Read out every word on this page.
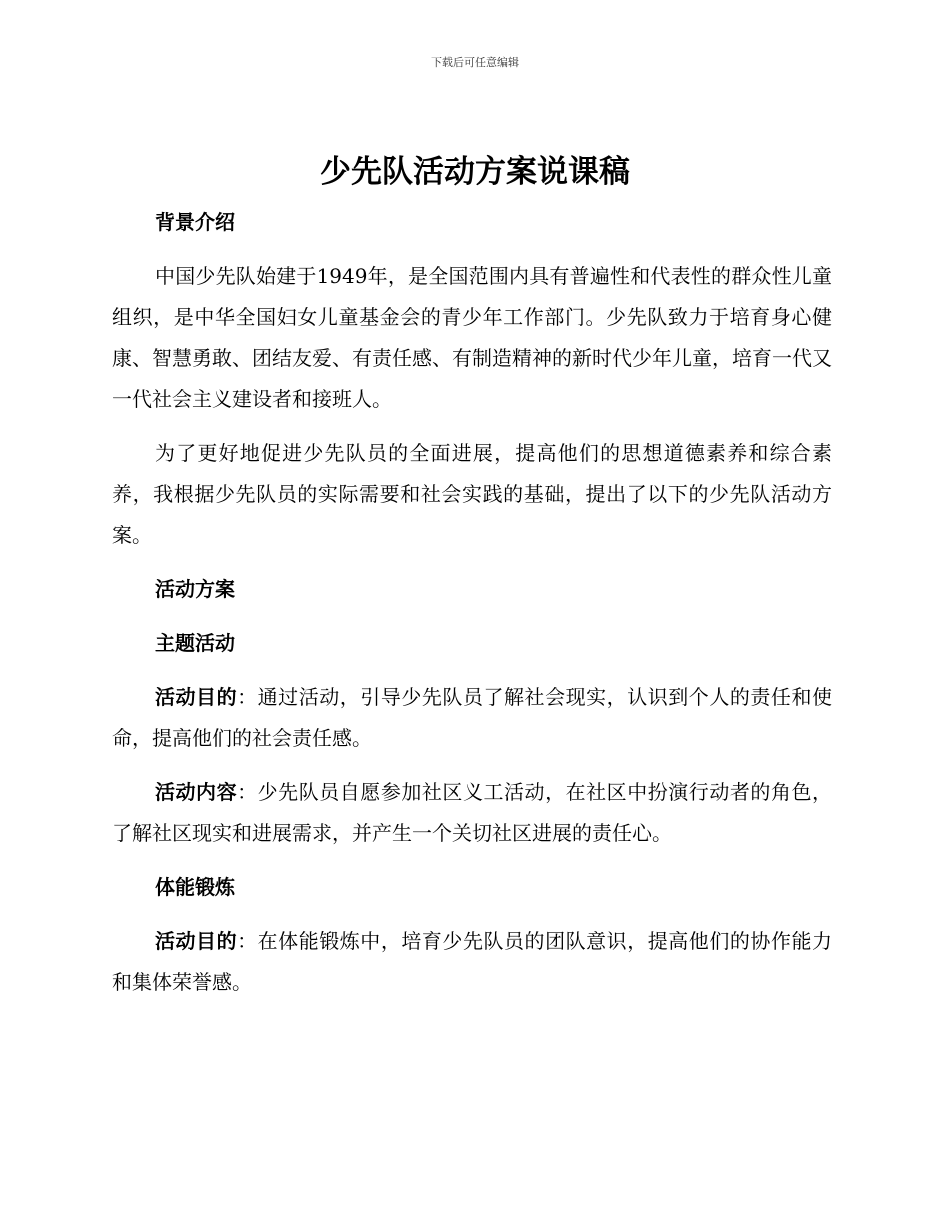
下载后可任意编辑
少先队活动方案说课稿

背景介绍

中国少先队始建于1949年，是全国范围内具有普遍性和代表性的群众性儿童组织，是中华全国妇女儿童基金会的青少年工作部门。少先队致力于培育身心健康、智慧勇敢、团结友爱、有责任感、有制造精神的新时代少年儿童，培育一代又一代社会主义建设者和接班人。

为了更好地促进少先队员的全面进展，提高他们的思想道德素养和综合素养，我根据少先队员的实际需要和社会实践的基础，提出了以下的少先队活动方案。

活动方案

主题活动

活动目的：通过活动，引导少先队员了解社会现实，认识到个人的责任和使命，提高他们的社会责任感。

活动内容：少先队员自愿参加社区义工活动，在社区中扮演行动者的角色，了解社区现实和进展需求，并产生一个关切社区进展的责任心。

体能锻炼

活动目的：在体能锻炼中，培育少先队员的团队意识，提高他们的协作能力和集体荣誉感。
